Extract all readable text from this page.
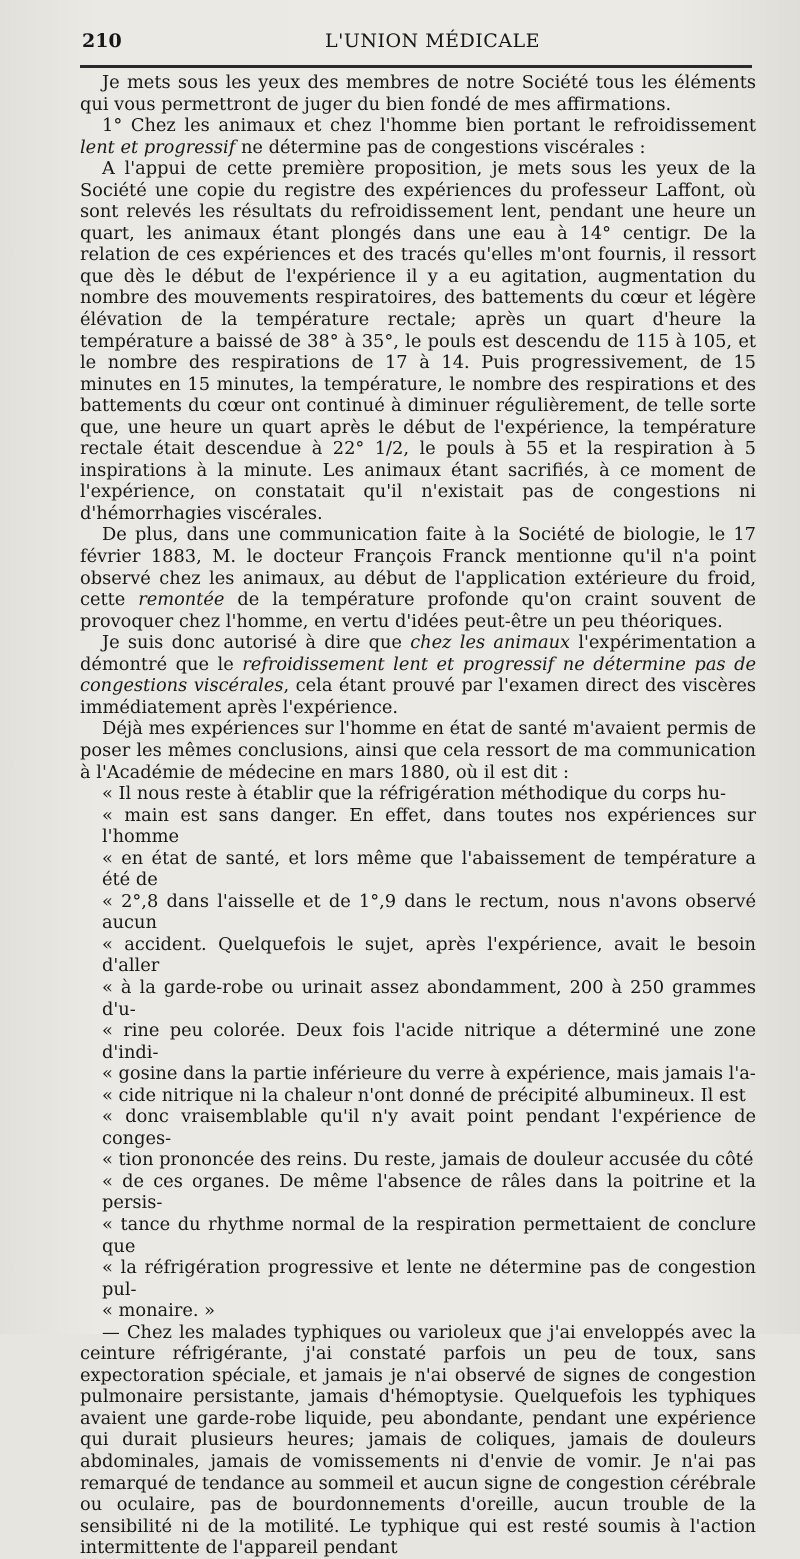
210	L'UNION MÉDICALE

Je mets sous les yeux des membres de notre Société tous les éléments qui vous permettront de juger du bien fondé de mes affirmations.

1° Chez les animaux et chez l'homme bien portant le refroidissement lent et progressif ne détermine pas de congestions viscérales :

A l'appui de cette première proposition, je mets sous les yeux de la Société une copie du registre des expériences du professeur Laffont, où sont relevés les résultats du refroidissement lent, pendant une heure un quart, les animaux étant plongés dans une eau à 14° centigr. De la relation de ces expériences et des tracés qu'elles m'ont fournis, il ressort que dès le début de l'expérience il y a eu agitation, augmentation du nombre des mouvements respiratoires, des battements du cœur et légère élévation de la température rectale; après un quart d'heure la température a baissé de 38° à 35°, le pouls est descendu de 115 à 105, et le nombre des respirations de 17 à 14. Puis progressivement, de 15 minutes en 15 minutes, la température, le nombre des respirations et des battements du cœur ont continué à diminuer régulièrement, de telle sorte que, une heure un quart après le début de l'expérience, la température rectale était descendue à 22° 1/2, le pouls à 55 et la respiration à 5 inspirations à la minute. Les animaux étant sacrifiés, à ce moment de l'expérience, on constatait qu'il n'existait pas de congestions ni d'hémorrhagies viscérales.

De plus, dans une communication faite à la Société de biologie, le 17 février 1883, M. le docteur François Franck mentionne qu'il n'a point observé chez les animaux, au début de l'application extérieure du froid, cette remontée de la température profonde qu'on craint souvent de provoquer chez l'homme, en vertu d'idées peut-être un peu théoriques.

Je suis donc autorisé à dire que chez les animaux l'expérimentation a démontré que le refroidissement lent et progressif ne détermine pas de congestions viscérales, cela étant prouvé par l'examen direct des viscères immédiatement après l'expérience.

Déjà mes expériences sur l'homme en état de santé m'avaient permis de poser les mêmes conclusions, ainsi que cela ressort de ma communication à l'Académie de médecine en mars 1880, où il est dit :

« Il nous reste à établir que la réfrigération méthodique du corps hu-

« main est sans danger. En effet, dans toutes nos expériences sur l'homme

« en état de santé, et lors même que l'abaissement de température a été de

« 2°,8 dans l'aisselle et de 1°,9 dans le rectum, nous n'avons observé aucun

« accident. Quelquefois le sujet, après l'expérience, avait le besoin d'aller

« à la garde-robe ou urinait assez abondamment, 200 à 250 grammes d'u-

« rine peu colorée. Deux fois l'acide nitrique a déterminé une zone d'indi-

« gosine dans la partie inférieure du verre à expérience, mais jamais l'a-

« cide nitrique ni la chaleur n'ont donné de précipité albumineux. Il est

« donc vraisemblable qu'il n'y avait point pendant l'expérience de conges-

« tion prononcée des reins. Du reste, jamais de douleur accusée du côté

« de ces organes. De même l'absence de râles dans la poitrine et la persis-

« tance du rhythme normal de la respiration permettaient de conclure que

« la réfrigération progressive et lente ne détermine pas de congestion pul-

« monaire. »

— Chez les malades typhiques ou varioleux que j'ai enveloppés avec la ceinture réfrigérante, j'ai constaté parfois un peu de toux, sans expectoration spéciale, et jamais je n'ai observé de signes de congestion pulmonaire persistante, jamais d'hémoptysie. Quelquefois les typhiques avaient une garde-robe liquide, peu abondante, pendant une expérience qui durait plusieurs heures; jamais de coliques, jamais de douleurs abdominales, jamais de vomissements ni d'envie de vomir. Je n'ai pas remarqué de tendance au sommeil et aucun signe de congestion cérébrale ou oculaire, pas de bourdonnements d'oreille, aucun trouble de la sensibilité ni de la motilité. Le typhique qui est resté soumis à l'action intermittente de l'appareil pendant
